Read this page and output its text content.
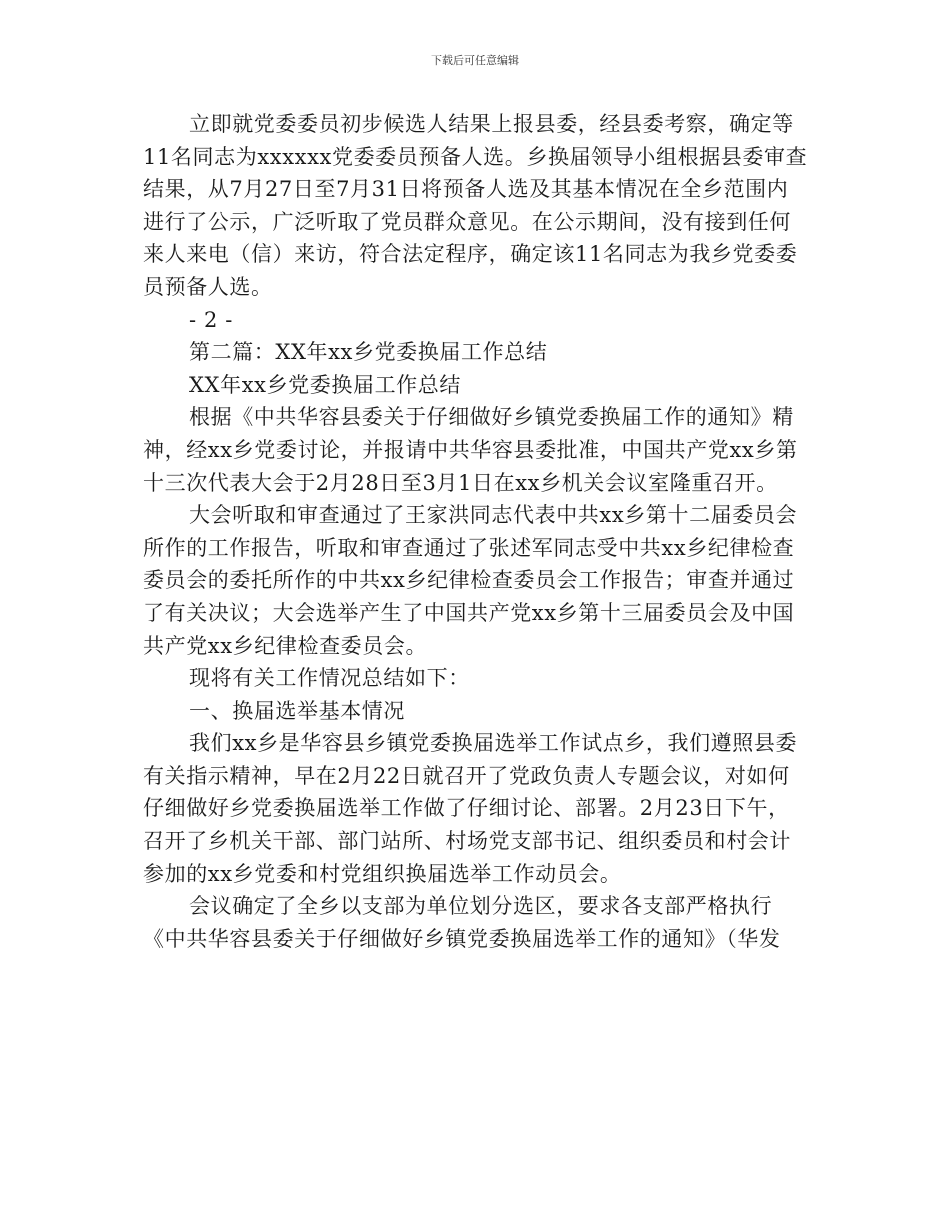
下载后可任意编辑
立即就党委委员初步候选人结果上报县委，经县委考察，确定等
11名同志为xxxxxx党委委员预备人选。乡换届领导小组根据县委审查
结果，从7月27日至7月31日将预备人选及其基本情况在全乡范围内
进行了公示，广泛听取了党员群众意见。在公示期间，没有接到任何
来人来电（信）来访，符合法定程序，确定该11名同志为我乡党委委
员预备人选。
- 2 -
第二篇：XX年xx乡党委换届工作总结
XX年xx乡党委换届工作总结
根据《中共华容县委关于仔细做好乡镇党委换届工作的通知》精
神，经xx乡党委讨论，并报请中共华容县委批准，中国共产党xx乡第
十三次代表大会于2月28日至3月1日在xx乡机关会议室隆重召开。
大会听取和审查通过了王家洪同志代表中共xx乡第十二届委员会
所作的工作报告，听取和审查通过了张述军同志受中共xx乡纪律检查
委员会的委托所作的中共xx乡纪律检查委员会工作报告；审查并通过
了有关决议；大会选举产生了中国共产党xx乡第十三届委员会及中国
共产党xx乡纪律检查委员会。
现将有关工作情况总结如下：
一、换届选举基本情况
我们xx乡是华容县乡镇党委换届选举工作试点乡，我们遵照县委
有关指示精神，早在2月22日就召开了党政负责人专题会议，对如何
仔细做好乡党委换届选举工作做了仔细讨论、部署。2月23日下午，
召开了乡机关干部、部门站所、村场党支部书记、组织委员和村会计
参加的xx乡党委和村党组织换届选举工作动员会。
会议确定了全乡以支部为单位划分选区，要求各支部严格执行
《中共华容县委关于仔细做好乡镇党委换届选举工作的通知》（华发
